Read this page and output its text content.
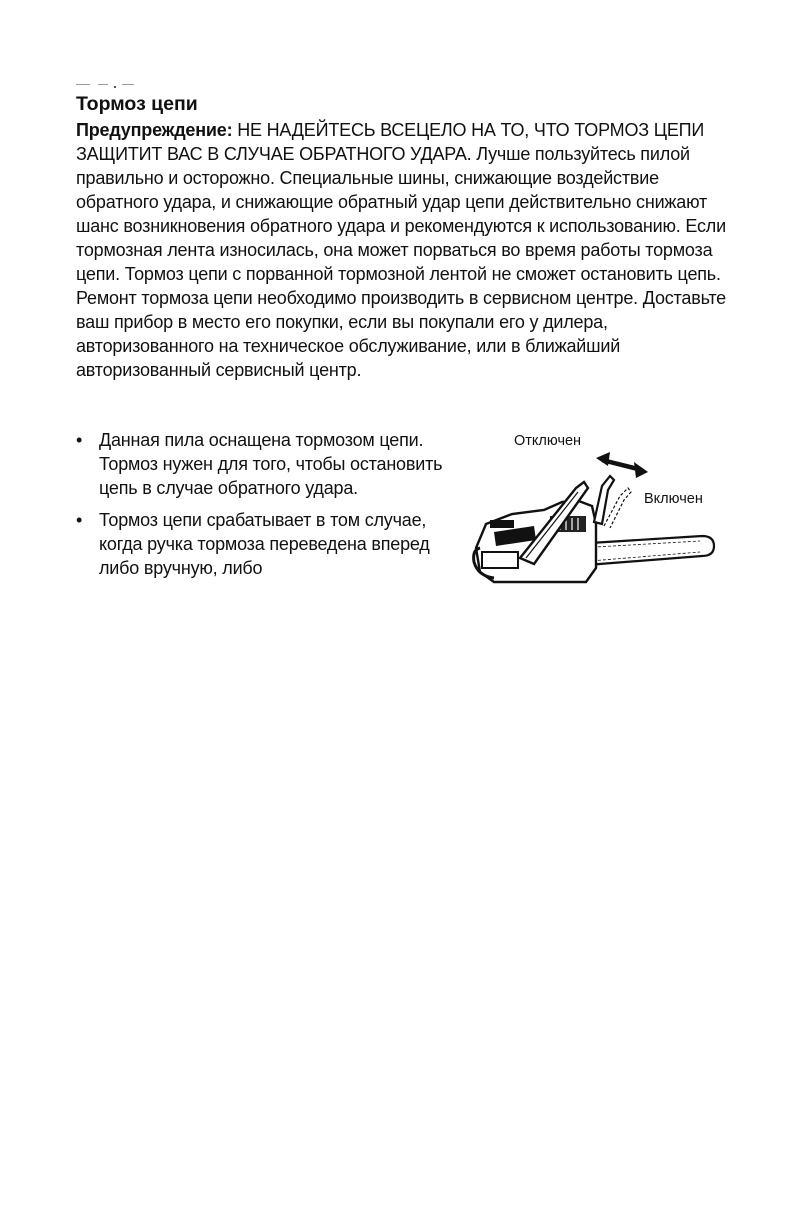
Тормоз цепи

Предупреждение: НЕ НАДЕЙТЕСЬ ВСЕЦЕЛО НА ТО, ЧТО ТОРМОЗ ЦЕПИ ЗАЩИТИТ ВАС В СЛУЧАЕ ОБРАТНОГО УДАРА. Лучше пользуйтесь пилой правильно и осторожно. Специальные шины, снижающие воздействие обратного удара, и снижающие обратный удар цепи действительно снижают шанс возникновения обратного удара и рекомендуются к использованию. Если тормозная лента износилась, она может порваться во время работы тормоза цепи. Тормоз цепи с порванной тормозной лентой не сможет остановить цепь. Ремонт тормоза цепи необходимо производить в сервисном центре. Доставьте ваш прибор в место его покупки, если вы покупали его у дилера, авторизованного на техническое обслуживание, или в ближайший авторизованный сервисный центр.

• Данная пила оснащена тормозом цепи. Тормоз нужен для того, чтобы остановить цепь в случае обратного удара.
• Тормоз цепи срабатывает в том случае, когда ручка тормоза переведена вперед либо вручную, либо
Отключен
Включен
